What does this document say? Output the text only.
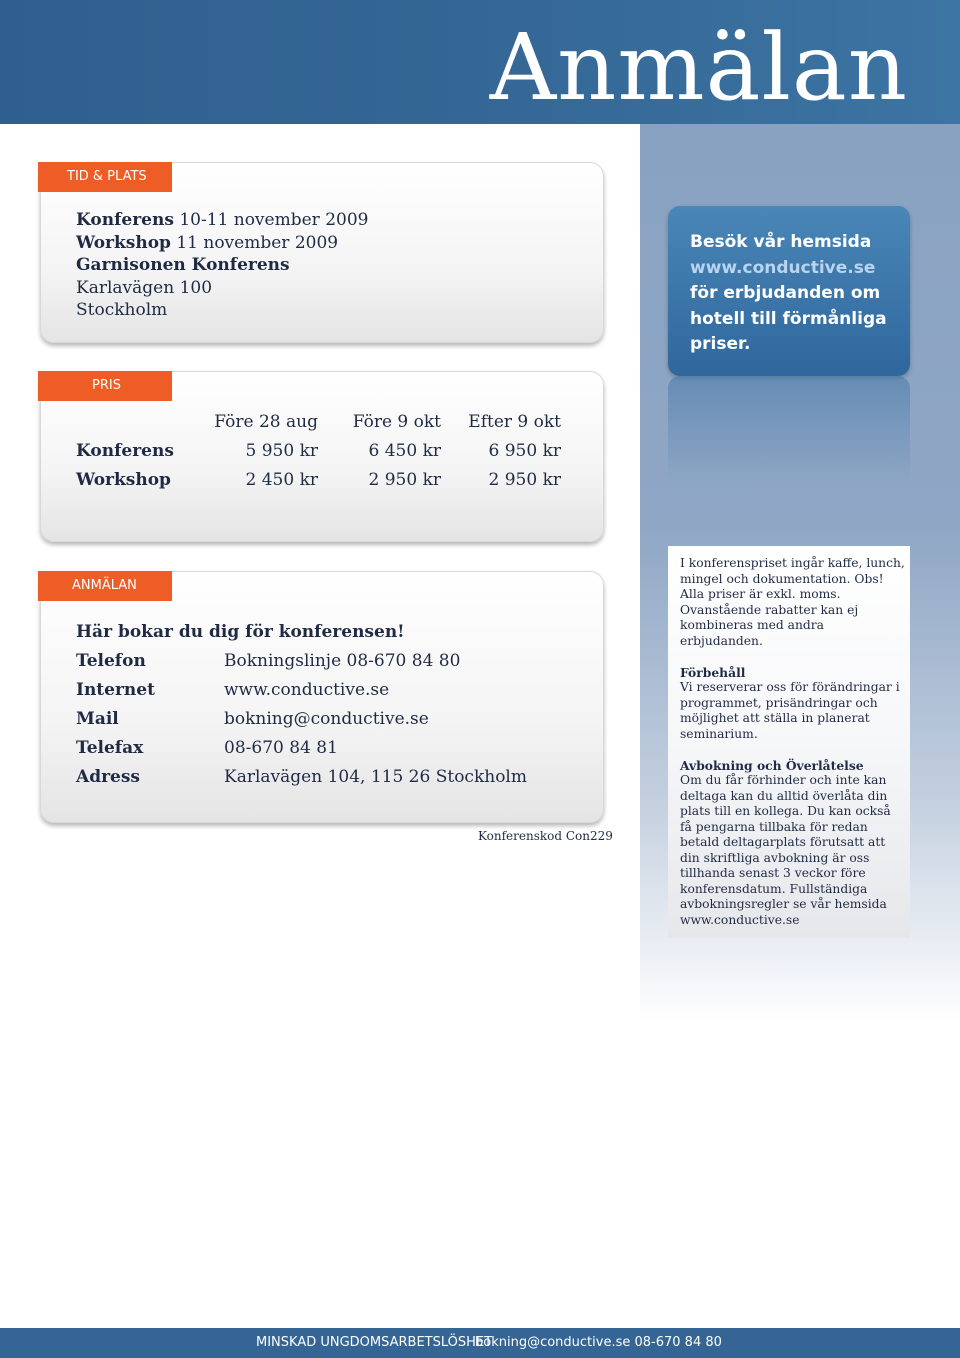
Anmälan
Konferens 10-11 november 2009
Workshop 11 november 2009
Garnisonen Konferens
Karlavägen 100
Stockholm
TID & PLATS
Före 28 aug	Före 9 okt	Efter 9 okt
Konferens	5 950 kr	6 450 kr	6 950 kr
Workshop	2 450 kr	2 950 kr	2 950 kr
PRIS
Här bokar du dig för konferensen!
Telefon	Bokningslinje 08-670 84 80
Internet	www.conductive.se
Mail	bokning@conductive.se
Telefax	08-670 84 81
Adress	Karlavägen 104, 115 26 Stockholm
ANMÄLAN
Konferenskod Con229
Besök vår hemsida
www.conductive.se
för erbjudanden om
hotell till förmånliga
priser.

I konferenspriset ingår kaffe, lunch, mingel och dokumentation. Obs! Alla priser är exkl. moms. Ovanstående rabatter kan ej kombineras med andra erbjudanden.

Förbehåll

Vi reserverar oss för förändringar i programmet, prisändringar och möjlighet att ställa in planerat seminarium.

Avbokning och Överlåtelse

Om du får förhinder och inte kan deltaga kan du alltid överlåta din plats till en kollega. Du kan också få pengarna tillbaka för redan betald deltagarplats förutsatt att din skriftliga avbokning är oss tillhanda senast 3 veckor före konferensdatum. Fullständiga avbokningsregler se vår hemsida www.conductive.se

MINSKAD UNGDOMSARBETSLÖSHET
bokning@conductive.se 08-670 84 80
